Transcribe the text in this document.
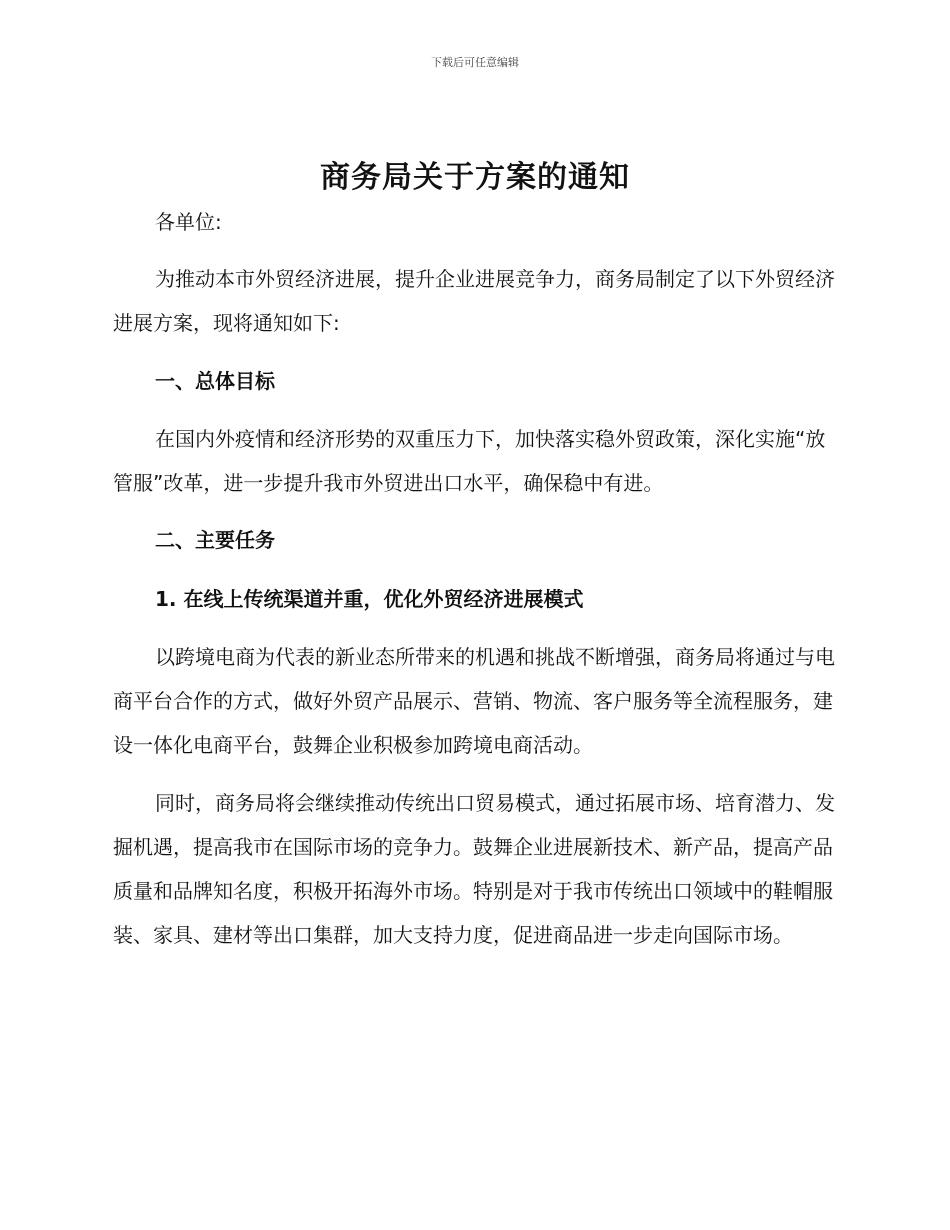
下载后可任意编辑
商务局关于方案的通知

各单位:

为推动本市外贸经济进展，提升企业进展竞争力，商务局制定了以下外贸经济进展方案，现将通知如下:

一、总体目标

在国内外疫情和经济形势的双重压力下，加快落实稳外贸政策，深化实施“放管服”改革，进一步提升我市外贸进出口水平，确保稳中有进。

二、主要任务

1. 在线上传统渠道并重，优化外贸经济进展模式

以跨境电商为代表的新业态所带来的机遇和挑战不断增强，商务局将通过与电商平台合作的方式，做好外贸产品展示、营销、物流、客户服务等全流程服务，建设一体化电商平台，鼓舞企业积极参加跨境电商活动。

同时，商务局将会继续推动传统出口贸易模式，通过拓展市场、培育潜力、发掘机遇，提高我市在国际市场的竞争力。鼓舞企业进展新技术、新产品，提高产品质量和品牌知名度，积极开拓海外市场。特别是对于我市传统出口领域中的鞋帽服装、家具、建材等出口集群，加大支持力度，促进商品进一步走向国际市场。
